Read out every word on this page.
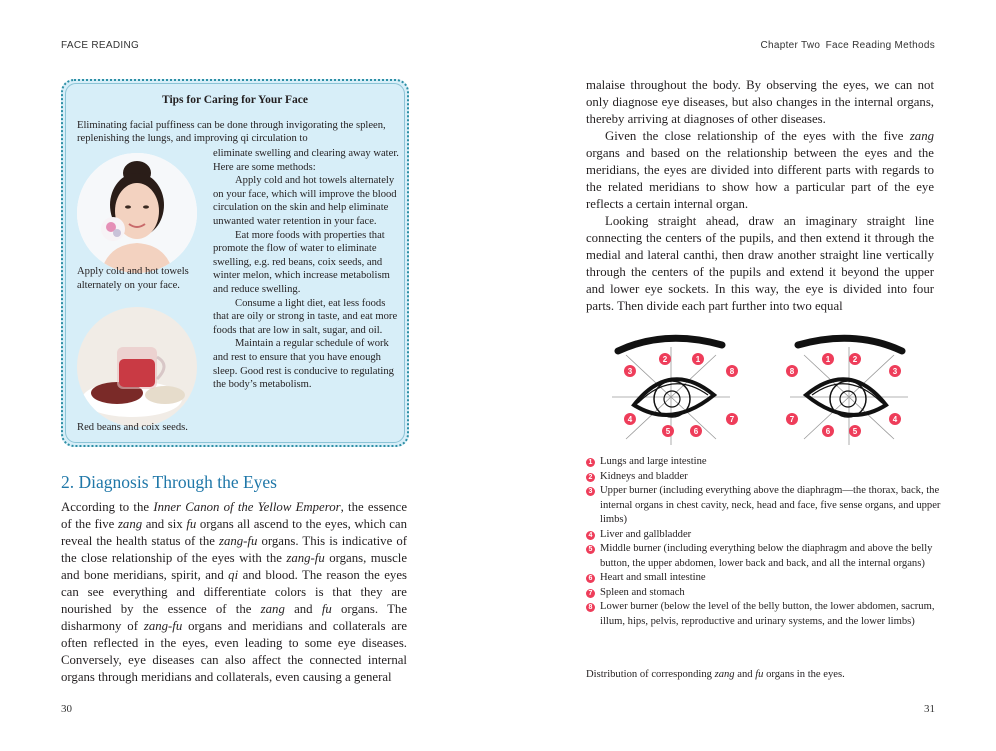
FACE READING	Chapter Two Face Reading Methods
Tips for Caring for Your Face
Eliminating facial puffiness can be done through invigorating the spleen, replenishing the lungs, and improving qi circulation to
Apply cold and hot towels alternately on your face.
Red beans and coix seeds.

eliminate swelling and clearing away water. Here are some methods:

Apply cold and hot towels alternately on your face, which will improve the blood circulation on the skin and help eliminate unwanted water retention in your face.

Eat more foods with properties that promote the flow of water to eliminate swelling, e.g. red beans, coix seeds, and winter melon, which increase metabolism and reduce swelling.

Consume a light diet, eat less foods that are oily or strong in taste, and eat more foods that are low in salt, sugar, and oil.

Maintain a regular schedule of work and rest to ensure that you have enough sleep. Good rest is conducive to regulating the body’s metabolism.

2. Diagnosis Through the Eyes

According to the Inner Canon of the Yellow Emperor, the essence of the five zang and six fu organs all ascend to the eyes, which can reveal the health status of the zang-fu organs. This is indicative of the close relationship of the eyes with the zang-fu organs, muscle and bone meridians, spirit, and qi and blood. The reason the eyes can see everything and differentiate colors is that they are nourished by the essence of the zang and fu organs. The disharmony of zang-fu organs and meridians and collaterals are often reflected in the eyes, even leading to some eye diseases. Conversely, eye diseases can also affect the connected internal organs through meridians and collaterals, even causing a general

malaise throughout the body. By observing the eyes, we can not only diagnose eye diseases, but also changes in the internal organs, thereby arriving at diagnoses of other diseases.

Given the close relationship of the eyes with the five zang organs and based on the relationship between the eyes and the meridians, the eyes are divided into different parts with regards to the related meridians to show how a particular part of the eye reflects a certain internal organ.

Looking straight ahead, draw an imaginary straight line connecting the centers of the pupils, and then extend it through the medial and lateral canthi, then draw another straight line vertically through the centers of the pupils and extend it beyond the upper and lower eye sockets. In this way, the eye is divided into four parts. Then divide each part further into two equal

2	1
3	8
4	7
5	6
1	2
8	3
7	4
6	5
1 Lungs and large intestine
2 Kidneys and bladder
3 Upper burner (including everything above the diaphragm—the thorax, back, the internal organs in chest cavity, neck, head and face, five sense organs, and upper limbs)
4 Liver and gallbladder
5 Middle burner (including everything below the diaphragm and above the belly button, the upper abdomen, lower back and back, and all the internal organs)
6 Heart and small intestine
7 Spleen and stomach
8 Lower burner (below the level of the belly button, the lower abdomen, sacrum, illum, hips, pelvis, reproductive and urinary systems, and the lower limbs)
Distribution of corresponding zang and fu organs in the eyes.
30	31
